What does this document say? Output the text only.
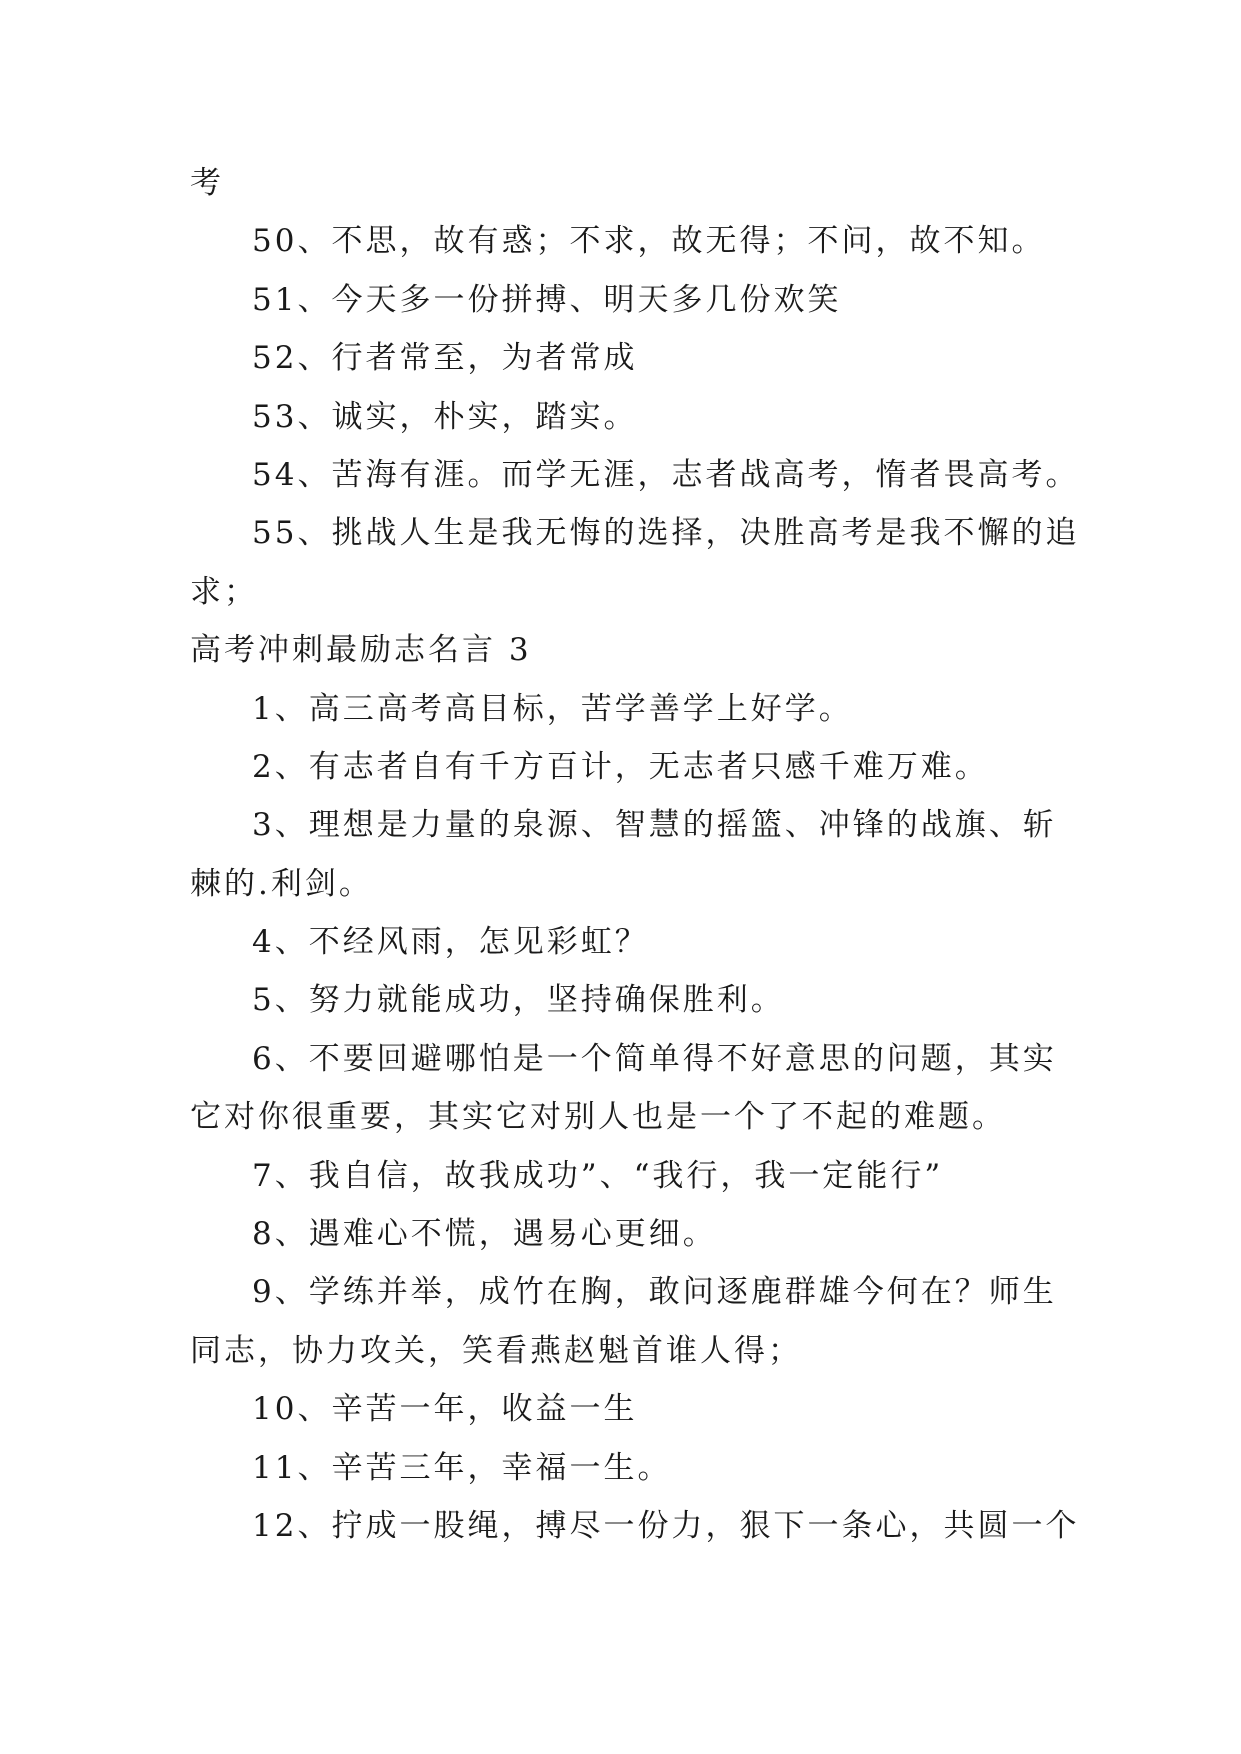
考
50、不思，故有惑；不求，故无得；不问，故不知。
51、今天多一份拼搏、明天多几份欢笑
52、行者常至，为者常成
53、诚实，朴实，踏实。
54、苦海有涯。而学无涯，志者战高考，惰者畏高考。
55、挑战人生是我无悔的选择，决胜高考是我不懈的追
求；
高考冲刺最励志名言 3
1、高三高考高目标，苦学善学上好学。
2、有志者自有千方百计，无志者只感千难万难。
3、理想是力量的泉源、智慧的摇篮、冲锋的战旗、斩
棘的.利剑。
4、不经风雨，怎见彩虹？
5、努力就能成功，坚持确保胜利。
6、不要回避哪怕是一个简单得不好意思的问题，其实
它对你很重要，其实它对别人也是一个了不起的难题。
7、我自信，故我成功”、“我行，我一定能行”
8、遇难心不慌，遇易心更细。
9、学练并举，成竹在胸，敢问逐鹿群雄今何在？师生
同志，协力攻关，笑看燕赵魁首谁人得；
10、辛苦一年，收益一生
11、辛苦三年，幸福一生。
12、拧成一股绳，搏尽一份力，狠下一条心，共圆一个
